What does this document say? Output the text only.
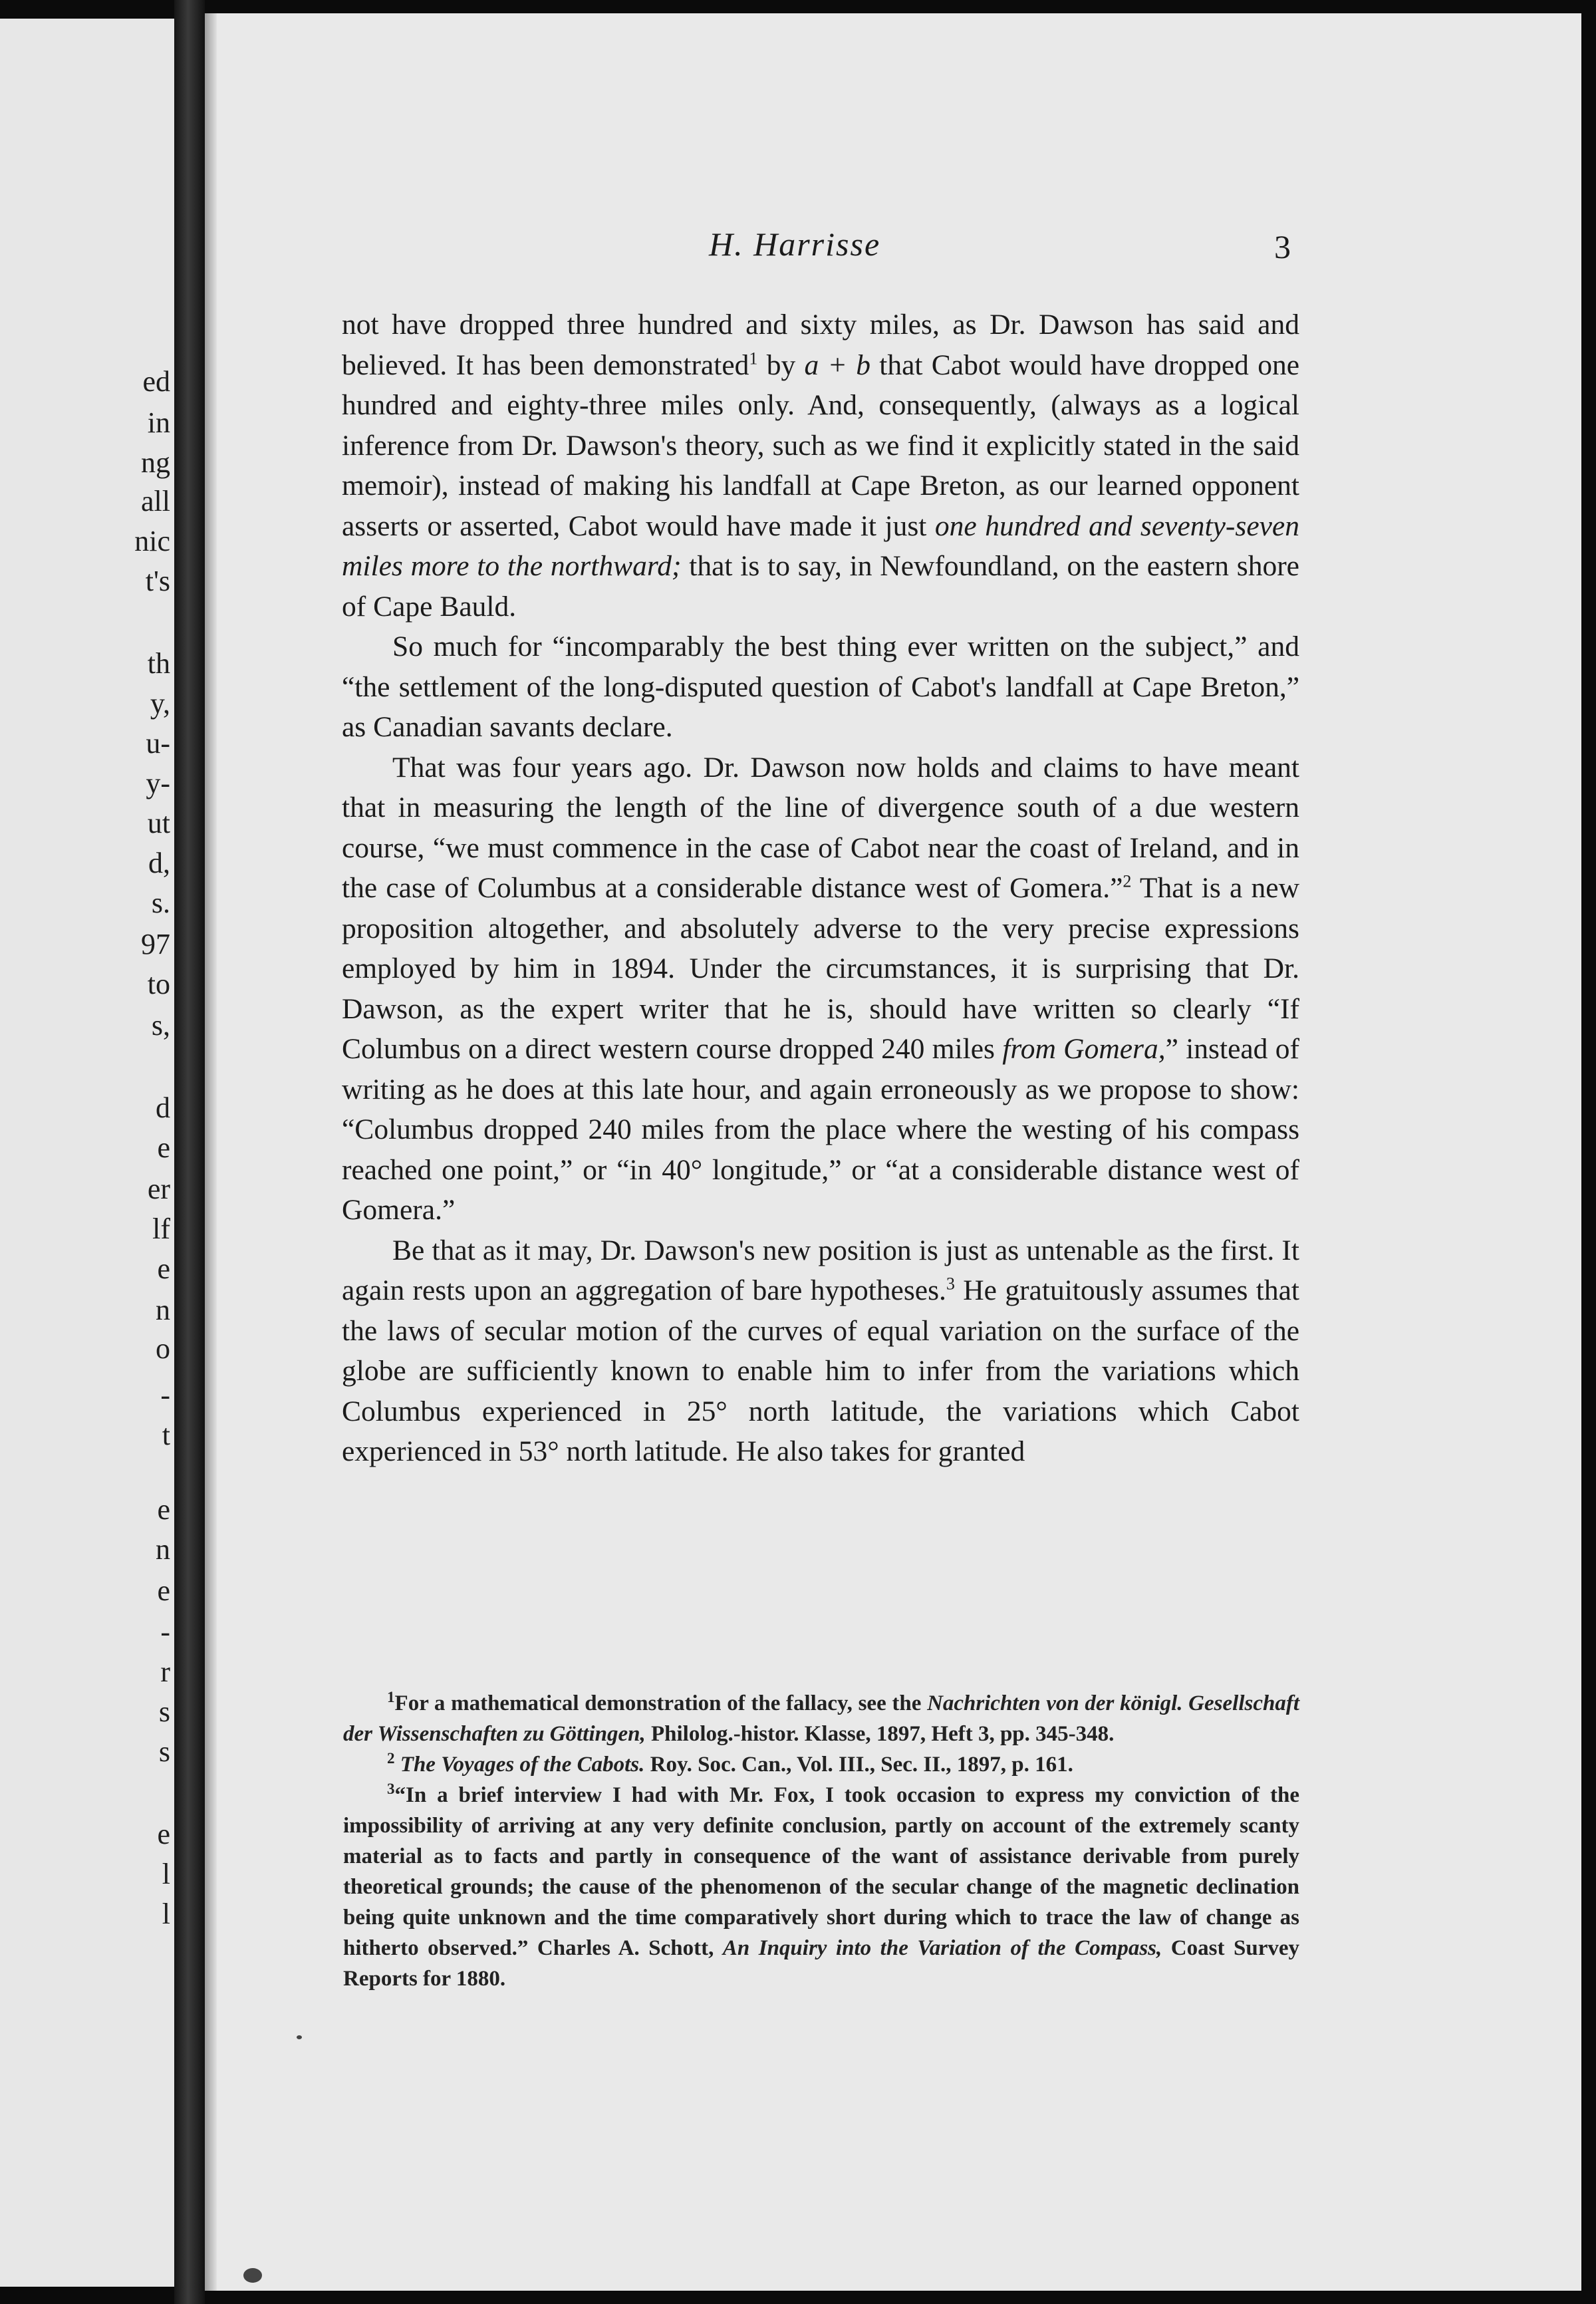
ed
in
ng
all
nic
t's
th
y,
u-
y-
ut
d,
s.
97
to
s,
d
e
er
lf
e
n
o
-
t
e
n
e
-
r
s
s
e
l
l
H. Harrisse	3

not have dropped three hundred and sixty miles, as Dr. Dawson has said and believed. It has been demonstrated$^1$ by a + b that Cabot would have dropped one hundred and eighty-three miles only. And, consequently, (always as a logical inference from Dr. Dawson's theory, such as we find it explicitly stated in the said memoir), instead of making his landfall at Cape Breton, as our learned opponent asserts or asserted, Cabot would have made it just one hundred and seventy-seven miles more to the northward; that is to say, in Newfoundland, on the eastern shore of Cape Bauld.

So much for “incomparably the best thing ever written on the subject,” and “the settlement of the long-disputed question of Cabot's landfall at Cape Breton,” as Canadian savants declare.

That was four years ago. Dr. Dawson now holds and claims to have meant that in measuring the length of the line of divergence south of a due western course, “we must commence in the case of Cabot near the coast of Ireland, and in the case of Columbus at a considerable distance west of Gomera.”$^2$ That is a new proposition altogether, and absolutely adverse to the very precise expressions employed by him in 1894. Under the circumstances, it is surprising that Dr. Dawson, as the expert writer that he is, should have written so clearly “If Columbus on a direct western course dropped 240 miles from Gomera,” instead of writing as he does at this late hour, and again erroneously as we propose to show: “Columbus dropped 240 miles from the place where the westing of his compass reached one point,” or “in 40° longitude,” or “at a considerable distance west of Gomera.”

Be that as it may, Dr. Dawson's new position is just as untenable as the first. It again rests upon an aggregation of bare hypotheses.$^3$ He gratuitously assumes that the laws of secular motion of the curves of equal variation on the surface of the globe are sufficiently known to enable him to infer from the variations which Columbus experienced in 25° north latitude, the variations which Cabot experienced in 53° north latitude. He also takes for granted

$^1$For a mathematical demonstration of the fallacy, see the Nachrichten von der königl. Gesellschaft der Wissenschaften zu Göttingen, Philolog.-histor. Klasse, 1897, Heft 3, pp. 345-348.

$^2$ The Voyages of the Cabots. Roy. Soc. Can., Vol. III., Sec. II., 1897, p. 161.

$^3$“In a brief interview I had with Mr. Fox, I took occasion to express my conviction of the impossibility of arriving at any very definite conclusion, partly on account of the extremely scanty material as to facts and partly in consequence of the want of assistance derivable from purely theoretical grounds; the cause of the phenomenon of the secular change of the magnetic declination being quite unknown and the time comparatively short during which to trace the law of change as hitherto observed.” Charles A. Schott, An Inquiry into the Variation of the Compass, Coast Survey Reports for 1880.
